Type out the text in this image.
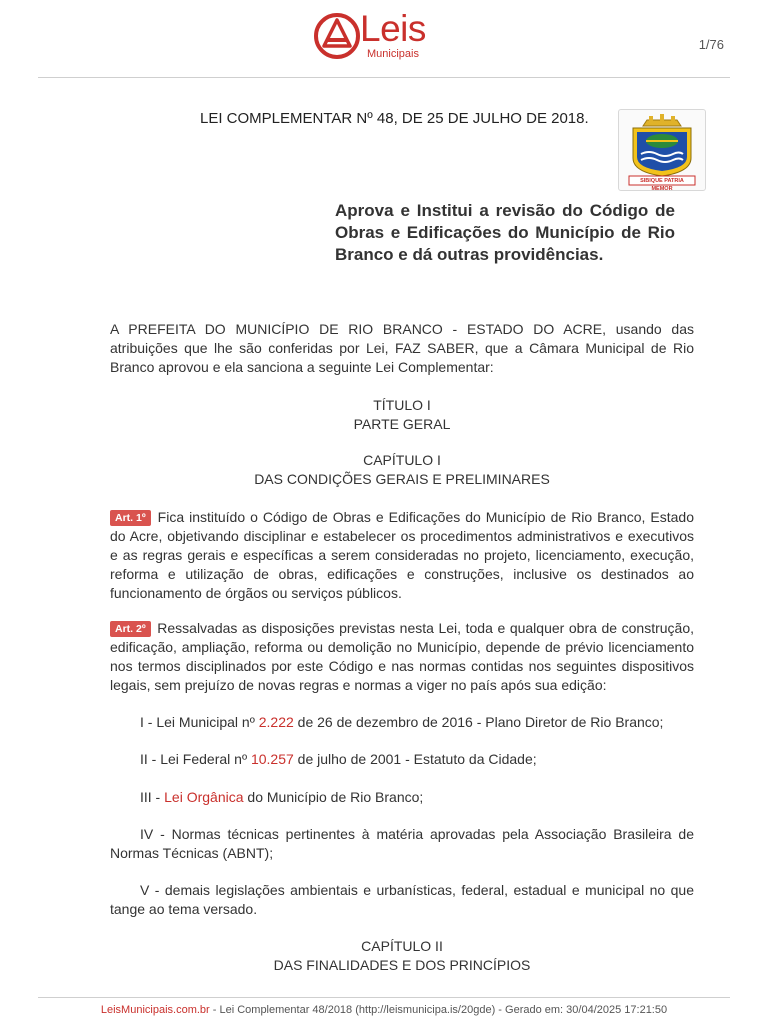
Leis
Municipais
1/76
LEI COMPLEMENTAR Nº 48, DE 25 DE JULHO DE 2018.
SIBIQUE PATRIA MEMOR
Aprova e Institui a revisão do Código de Obras e Edificações do Município de Rio Branco e dá outras providências.
A PREFEITA DO MUNICÍPIO DE RIO BRANCO - ESTADO DO ACRE, usando das atribuições que lhe são conferidas por Lei, FAZ SABER, que a Câmara Municipal de Rio Branco aprovou e ela sanciona a seguinte Lei Complementar:
TÍTULO I
PARTE GERAL
CAPÍTULO I
DAS CONDIÇÕES GERAIS E PRELIMINARES
Art. 1º Fica instituído o Código de Obras e Edificações do Município de Rio Branco, Estado do Acre, objetivando disciplinar e estabelecer os procedimentos administrativos e executivos e as regras gerais e específicas a serem consideradas no projeto, licenciamento, execução, reforma e utilização de obras, edificações e construções, inclusive os destinados ao funcionamento de órgãos ou serviços públicos.
Art. 2º Ressalvadas as disposições previstas nesta Lei, toda e qualquer obra de construção, edificação, ampliação, reforma ou demolição no Município, depende de prévio licenciamento nos termos disciplinados por este Código e nas normas contidas nos seguintes dispositivos legais, sem prejuízo de novas regras e normas a viger no país após sua edição:
I - Lei Municipal nº 2.222 de 26 de dezembro de 2016 - Plano Diretor de Rio Branco;
II - Lei Federal nº 10.257 de julho de 2001 - Estatuto da Cidade;
III - Lei Orgânica do Município de Rio Branco;
IV - Normas técnicas pertinentes à matéria aprovadas pela Associação Brasileira de Normas Técnicas (ABNT);
V - demais legislações ambientais e urbanísticas, federal, estadual e municipal no que tange ao tema versado.
CAPÍTULO II
DAS FINALIDADES E DOS PRINCÍPIOS
LeisMunicipais.com.br - Lei Complementar 48/2018 (http://leismunicipa.is/20gde) - Gerado em: 30/04/2025 17:21:50
